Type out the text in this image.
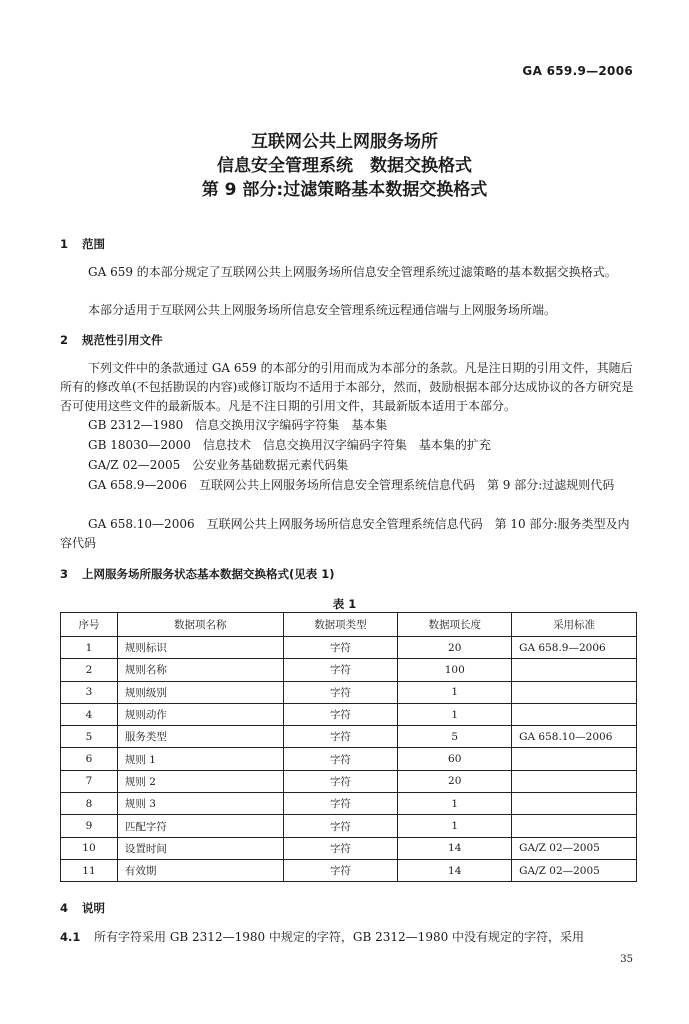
GA 659.9—2006
互联网公共上网服务场所
信息安全管理系统　数据交换格式
第 9 部分:过滤策略基本数据交换格式
1 范围
GA 659 的本部分规定了互联网公共上网服务场所信息安全管理系统过滤策略的基本数据交换格式。
本部分适用于互联网公共上网服务场所信息安全管理系统远程通信端与上网服务场所端。
2 规范性引用文件
下列文件中的条款通过 GA 659 的本部分的引用而成为本部分的条款。凡是注日期的引用文件，其随后所有的修改单(不包括勘误的内容)或修订版均不适用于本部分，然而，鼓励根据本部分达成协议的各方研究是否可使用这些文件的最新版本。凡是不注日期的引用文件，其最新版本适用于本部分。
GB 2312—1980　信息交换用汉字编码字符集　基本集
GB 18030—2000　信息技术　信息交换用汉字编码字符集　基本集的扩充
GA/Z 02—2005　公安业务基础数据元素代码集
GA 658.9—2006　互联网公共上网服务场所信息安全管理系统信息代码　第 9 部分:过滤规则代码
GA 658.10—2006　互联网公共上网服务场所信息安全管理系统信息代码　第 10 部分:服务类型及内容代码
3 上网服务场所服务状态基本数据交换格式(见表 1)
表 1
序号	数据项名称	数据项类型	数据项长度	采用标准
1	规则标识	字符	20	GA 658.9—2006
2	规则名称	字符	100	
3	规则级别	字符	1	
4	规则动作	字符	1	
5	服务类型	字符	5	GA 658.10—2006
6	规则 1	字符	60	
7	规则 2	字符	20	
8	规则 3	字符	1	
9	匹配字符	字符	1	
10	设置时间	字符	14	GA/Z 02—2005
11	有效期	字符	14	GA/Z 02—2005
4 说明
4.1 所有字符采用 GB 2312—1980 中规定的字符，GB 2312—1980 中没有规定的字符，采用
35
